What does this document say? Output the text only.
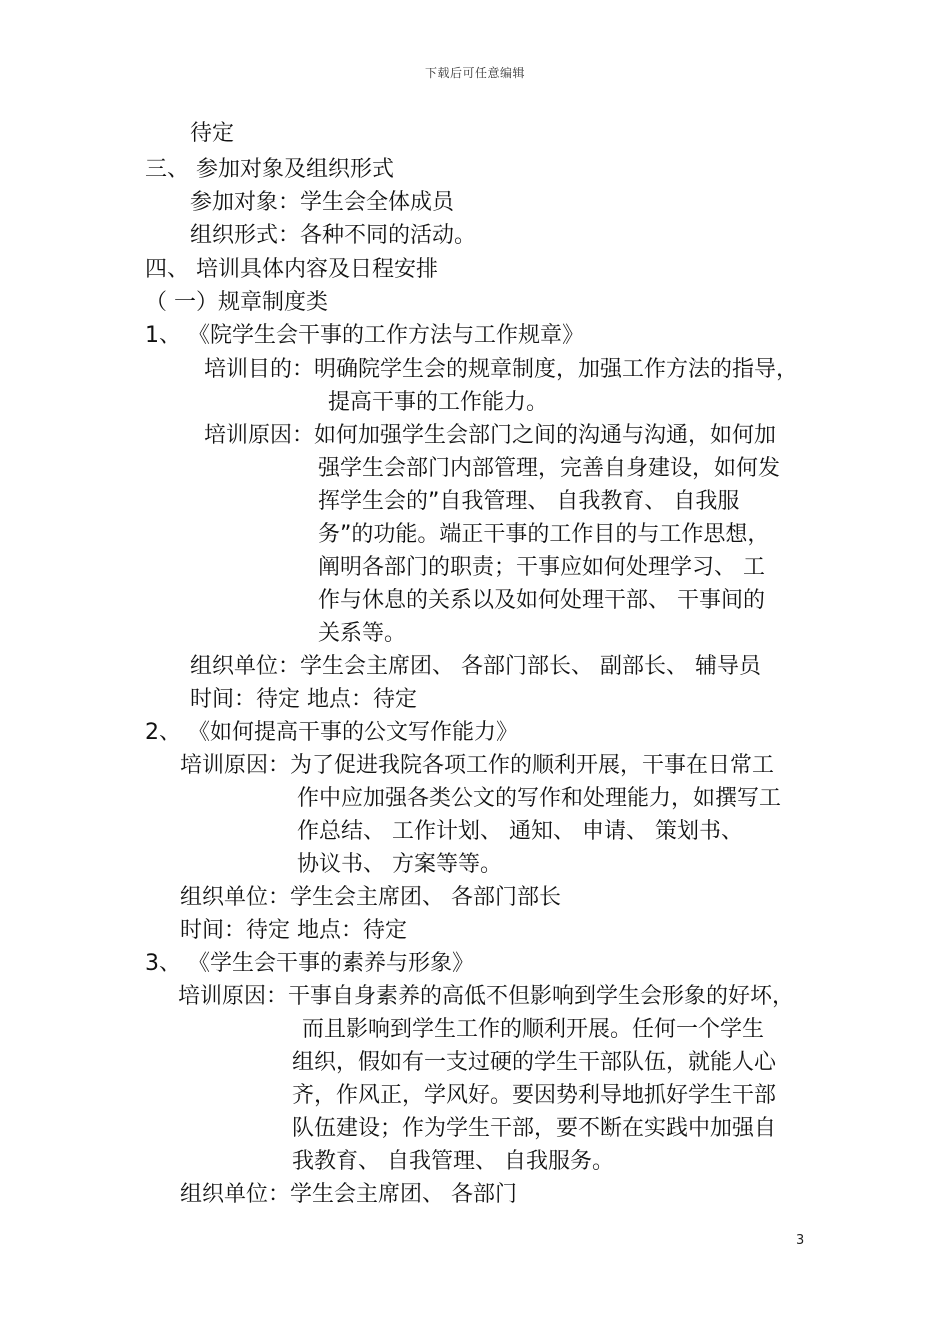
下载后可任意编辑
待定
三、 参加对象及组织形式
参加对象：学生会全体成员
组织形式：各种不同的活动。
四、 培训具体内容及日程安排
（ 一）规章制度类
1、 《院学生会干事的工作方法与工作规章》
培训目的：明确院学生会的规章制度，加强工作方法的指导，
提高干事的工作能力。
培训原因：如何加强学生会部门之间的沟通与沟通，如何加
强学生会部门内部管理，完善自身建设，如何发
挥学生会的”自我管理、 自我教育、 自我服
务”的功能。端正干事的工作目的与工作思想，
阐明各部门的职责；干事应如何处理学习、 工
作与休息的关系以及如何处理干部、 干事间的
关系等。
组织单位：学生会主席团、 各部门部长、 副部长、 辅导员
时间：待定 地点：待定
2、 《如何提高干事的公文写作能力》
培训原因：为了促进我院各项工作的顺利开展，干事在日常工
作中应加强各类公文的写作和处理能力，如撰写工
作总结、 工作计划、 通知、 申请、 策划书、
协议书、 方案等等。
组织单位：学生会主席团、 各部门部长
时间：待定 地点：待定
3、 《学生会干事的素养与形象》
培训原因：干事自身素养的高低不但影响到学生会形象的好坏，
而且影响到学生工作的顺利开展。任何一个学生
组织，假如有一支过硬的学生干部队伍，就能人心
齐，作风正，学风好。要因势利导地抓好学生干部
队伍建设；作为学生干部，要不断在实践中加强自
我教育、 自我管理、 自我服务。
组织单位：学生会主席团、 各部门
3
